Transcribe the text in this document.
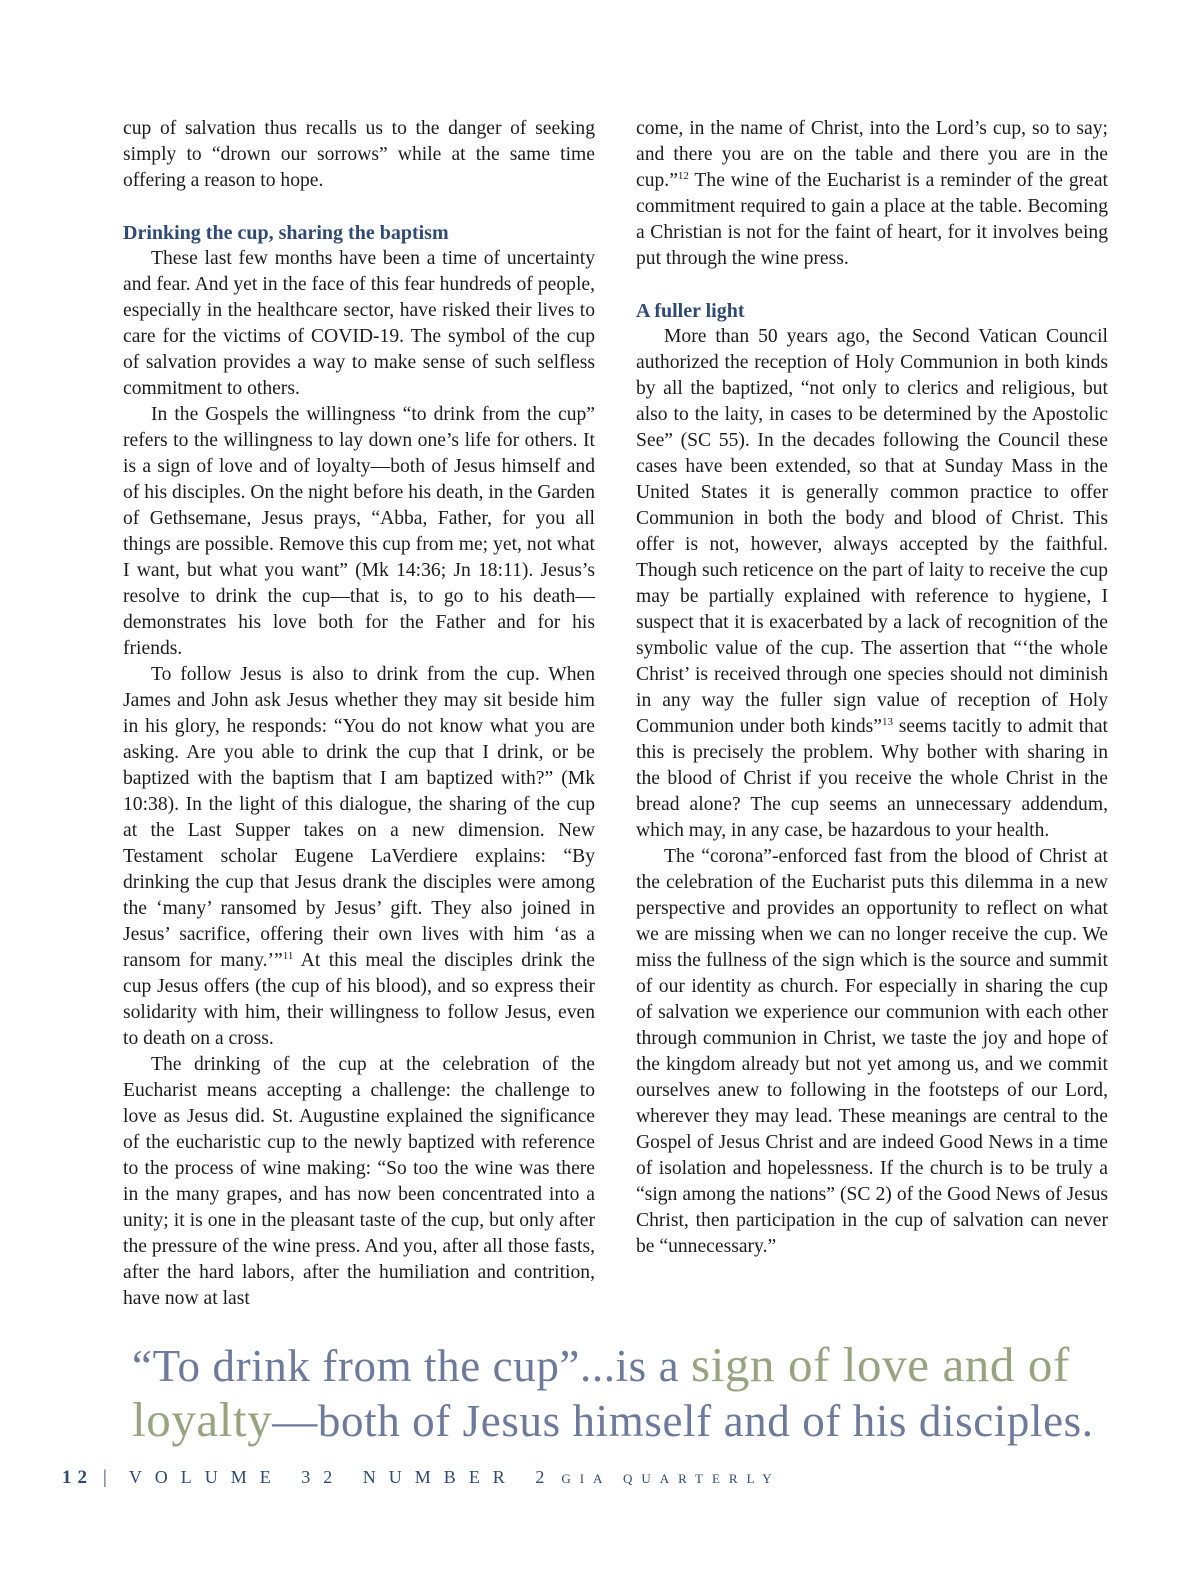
cup of salvation thus recalls us to the danger of seeking simply to “drown our sorrows” while at the same time offering a reason to hope.

Drinking the cup, sharing the baptism

These last few months have been a time of uncertainty and fear. And yet in the face of this fear hundreds of people, especially in the healthcare sector, have risked their lives to care for the victims of COVID-19. The symbol of the cup of salvation provides a way to make sense of such selfless commitment to others.

In the Gospels the willingness “to drink from the cup” refers to the willingness to lay down one’s life for others. It is a sign of love and of loyalty—both of Jesus himself and of his disciples. On the night before his death, in the Garden of Gethsemane, Jesus prays, “Abba, Father, for you all things are possible. Remove this cup from me; yet, not what I want, but what you want” (Mk 14:36; Jn 18:11). Jesus’s resolve to drink the cup—that is, to go to his death—demonstrates his love both for the Father and for his friends.

To follow Jesus is also to drink from the cup. When James and John ask Jesus whether they may sit beside him in his glory, he responds: “You do not know what you are asking. Are you able to drink the cup that I drink, or be baptized with the baptism that I am baptized with?” (Mk 10:38). In the light of this dialogue, the sharing of the cup at the Last Supper takes on a new dimension. New Testament scholar Eugene LaVerdiere explains: “By drinking the cup that Jesus drank the disciples were among the ‘many’ ransomed by Jesus’ gift. They also joined in Jesus’ sacrifice, offering their own lives with him ‘as a ransom for many.’”$^{11}$ At this meal the disciples drink the cup Jesus offers (the cup of his blood), and so express their solidarity with him, their willingness to follow Jesus, even to death on a cross.

The drinking of the cup at the celebration of the Eucharist means accepting a challenge: the challenge to love as Jesus did. St. Augustine explained the significance of the eucharistic cup to the newly baptized with reference to the process of wine making: “So too the wine was there in the many grapes, and has now been concentrated into a unity; it is one in the pleasant taste of the cup, but only after the pressure of the wine press. And you, after all those fasts, after the hard labors, after the humiliation and contrition, have now at last

come, in the name of Christ, into the Lord’s cup, so to say; and there you are on the table and there you are in the cup.”$^{12}$ The wine of the Eucharist is a reminder of the great commitment required to gain a place at the table. Becoming a Christian is not for the faint of heart, for it involves being put through the wine press.

A fuller light

More than 50 years ago, the Second Vatican Council authorized the reception of Holy Communion in both kinds by all the baptized, “not only to clerics and religious, but also to the laity, in cases to be determined by the Apostolic See” (SC 55). In the decades following the Council these cases have been extended, so that at Sunday Mass in the United States it is generally common practice to offer Communion in both the body and blood of Christ. This offer is not, however, always accepted by the faithful. Though such reticence on the part of laity to receive the cup may be partially explained with reference to hygiene, I suspect that it is exacerbated by a lack of recognition of the symbolic value of the cup. The assertion that “‘the whole Christ’ is received through one species should not diminish in any way the fuller sign value of reception of Holy Communion under both kinds”$^{13}$ seems tacitly to admit that this is precisely the problem. Why bother with sharing in the blood of Christ if you receive the whole Christ in the bread alone? The cup seems an unnecessary addendum, which may, in any case, be hazardous to your health.

The “corona”-enforced fast from the blood of Christ at the celebration of the Eucharist puts this dilemma in a new perspective and provides an opportunity to reflect on what we are missing when we can no longer receive the cup. We miss the fullness of the sign which is the source and summit of our identity as church. For especially in sharing the cup of salvation we experience our communion with each other through communion in Christ, we taste the joy and hope of the kingdom already but not yet among us, and we commit ourselves anew to following in the footsteps of our Lord, wherever they may lead. These meanings are central to the Gospel of Jesus Christ and are indeed Good News in a time of isolation and hopelessness. If the church is to be truly a “sign among the nations” (SC 2) of the Good News of Jesus Christ, then participation in the cup of salvation can never be “unnecessary.”

“To drink from the cup”...is a sign of love and of loyalty—both of Jesus himself and of his disciples.
12 | VOLUME 32 NUMBER 2 GIA QUARTERLY
